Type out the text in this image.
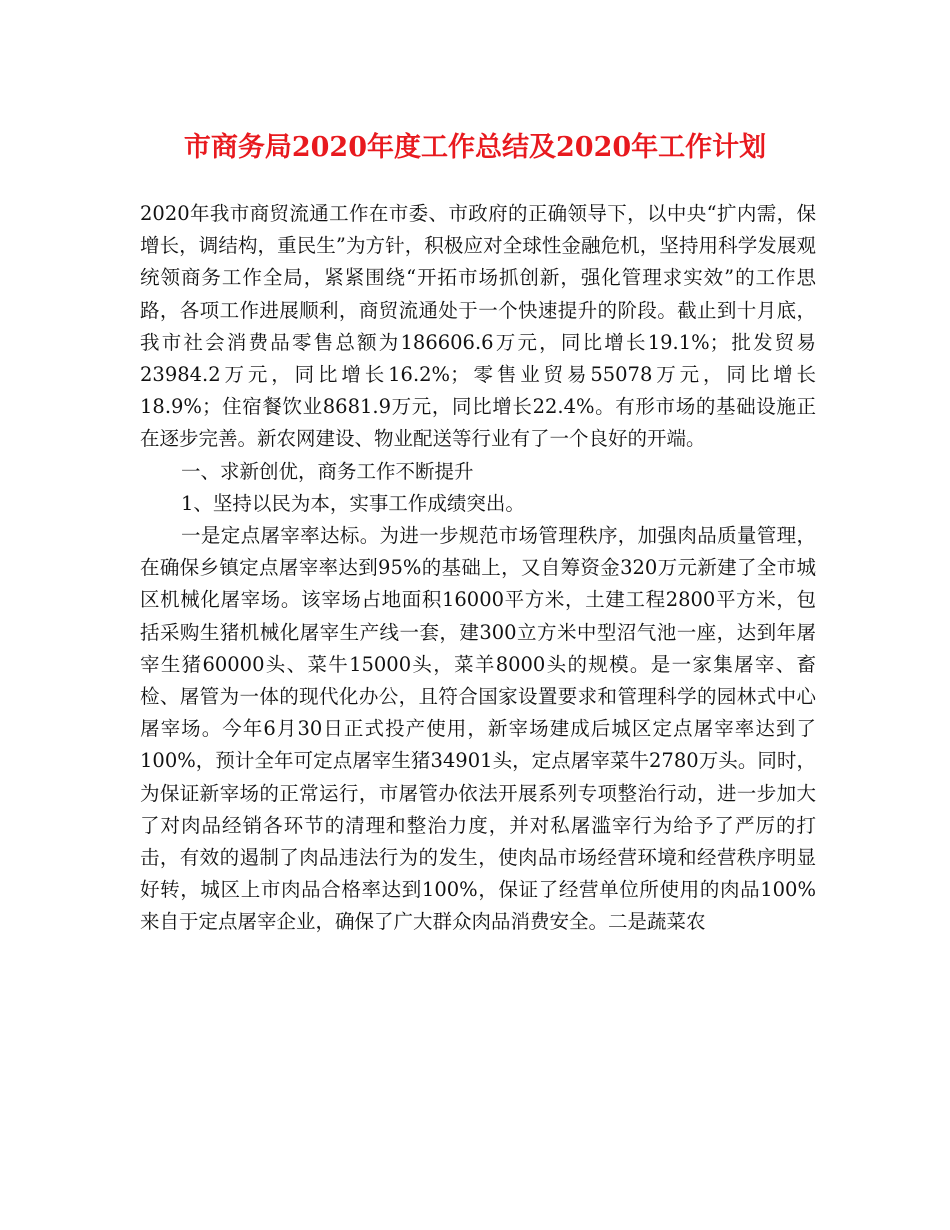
市商务局2020年度工作总结及2020年工作计划

2020年我市商贸流通工作在市委、市政府的正确领导下，以中央“扩内需，保增长，调结构，重民生”为方针，积极应对全球性金融危机，坚持用科学发展观统领商务工作全局，紧紧围绕“开拓市场抓创新，强化管理求实效”的工作思路，各项工作进展顺利，商贸流通处于一个快速提升的阶段。截止到十月底，我市社会消费品零售总额为186606.6万元，同比增长19.1%；批发贸易23984.2万元，同比增长16.2%；零售业贸易55078万元，同比增长18.9%；住宿餐饮业8681.9万元，同比增长22.4%。有形市场的基础设施正在逐步完善。新农网建设、物业配送等行业有了一个良好的开端。

一、求新创优，商务工作不断提升

1、坚持以民为本，实事工作成绩突出。

一是定点屠宰率达标。为进一步规范市场管理秩序，加强肉品质量管理，在确保乡镇定点屠宰率达到95%的基础上，又自筹资金320万元新建了全市城区机械化屠宰场。该宰场占地面积16000平方米，土建工程2800平方米，包括采购生猪机械化屠宰生产线一套，建300立方米中型沼气池一座，达到年屠宰生猪60000头、菜牛15000头，菜羊8000头的规模。是一家集屠宰、畜检、屠管为一体的现代化办公，且符合国家设置要求和管理科学的园林式中心屠宰场。今年6月30日正式投产使用，新宰场建成后城区定点屠宰率达到了100%，预计全年可定点屠宰生猪34901头，定点屠宰菜牛2780万头。同时，为保证新宰场的正常运行，市屠管办依法开展系列专项整治行动，进一步加大了对肉品经销各环节的清理和整治力度，并对私屠滥宰行为给予了严厉的打击，有效的遏制了肉品违法行为的发生，使肉品市场经营环境和经营秩序明显好转，城区上市肉品合格率达到100%，保证了经营单位所使用的肉品100%来自于定点屠宰企业，确保了广大群众肉品消费安全。二是蔬菜农
